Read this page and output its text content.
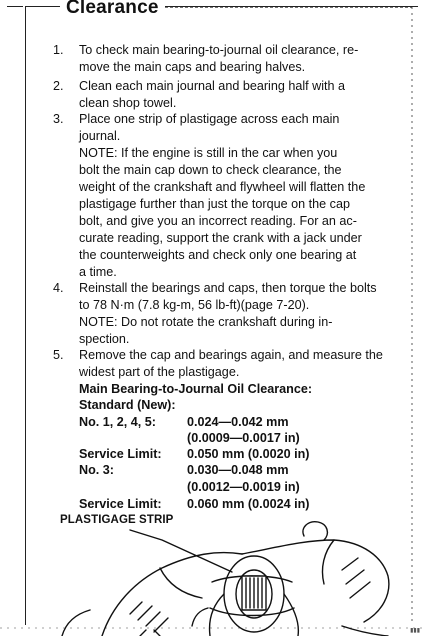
Clearance
1.	To check main bearing-to-journal oil clearance, re-
move the main caps and bearing halves.
2.	Clean each main journal and bearing half with a
clean shop towel.
3.	Place one strip of plastigage across each main
journal.
NOTE: If the engine is still in the car when you
bolt the main cap down to check clearance, the
weight of the crankshaft and flywheel will flatten the
plastigage further than just the torque on the cap
bolt, and give you an incorrect reading. For an ac-
curate reading, support the crank with a jack under
the counterweights and check only one bearing at
a time.
4.	Reinstall the bearings and caps, then torque the bolts
to 78 N·m (7.8 kg-m, 56 lb-ft)(page 7-20).
NOTE: Do not rotate the crankshaft during in-
spection.
5.	Remove the cap and bearings again, and measure the
widest part of the plastigage.
Main Bearing-to-Journal Oil Clearance:
Standard (New):
No. 1, 2, 4, 5: 0.024—0.042 mm
(0.0009—0.0017 in)
Service Limit: 0.050 mm (0.0020 in)
No. 3:	0.030—0.048 mm
(0.0012—0.0019 in)
Service Limit: 0.060 mm (0.0024 in)
PLASTIGAGE STRIP
▮▮▮
